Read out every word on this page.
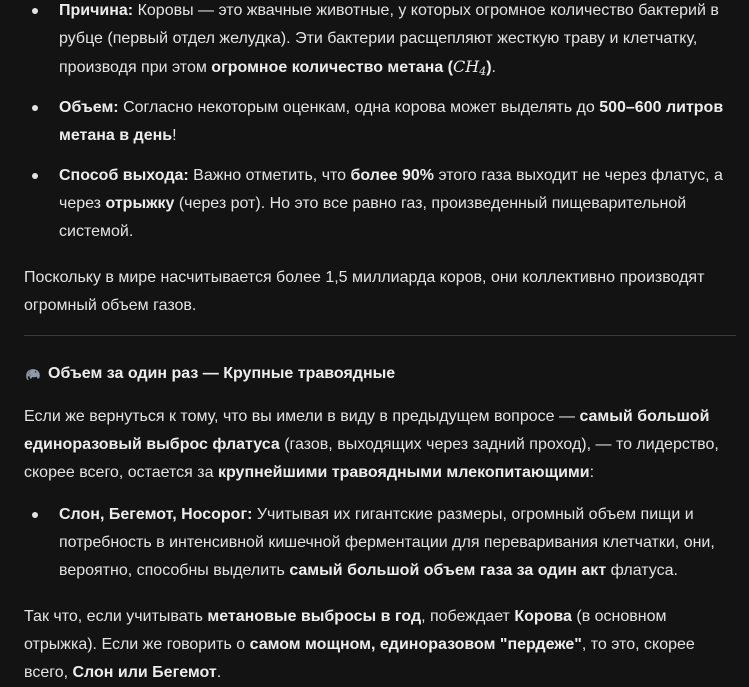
Причина: Коровы — это жвачные животные, у которых огромное количество бактерий в рубце (первый отдел желудка). Эти бактерии расщепляют жесткую траву и клетчатку, производя при этом огромное количество метана $(CH_4)$.
Объем: Согласно некоторым оценкам, одна корова может выделять до 500–600 литров метана в день!
Способ выхода: Важно отметить, что более 90% этого газа выходит не через флатус, а через отрыжку (через рот). Но это все равно газ, произведенный пищеварительной системой.

Поскольку в мире насчитывается более 1,5 миллиарда коров, они коллективно производят огромный объем газов.

Объем за один раз — Крупные травоядные

Если же вернуться к тому, что вы имели в виду в предыдущем вопросе — самый большой единоразовый выброс флатуса (газов, выходящих через задний проход), — то лидерство, скорее всего, остается за крупнейшими травоядными млекопитающими:

Слон, Бегемот, Носорог: Учитывая их гигантские размеры, огромный объем пищи и потребность в интенсивной кишечной ферментации для переваривания клетчатки, они, вероятно, способны выделить самый большой объем газа за один акт флатуса.

Так что, если учитывать метановые выбросы в год, побеждает Корова (в основном отрыжка). Если же говорить о самом мощном, единоразовом "пердеже", то это, скорее всего, Слон или Бегемот.
